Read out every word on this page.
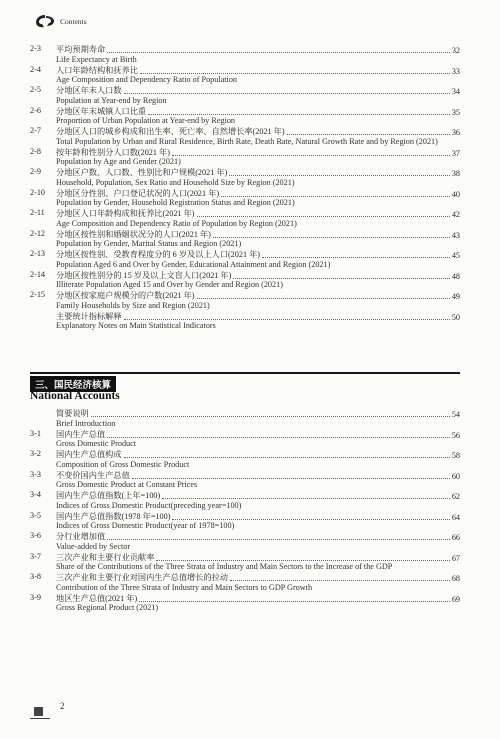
Contents
2-3	平均预期寿命	32
Life Expectancy at Birth
2-4	人口年龄结构和抚养比	33
Age Composition and Dependency Ratio of Population
2-5	分地区年末人口数	34
Population at Year-end by Region
2-6	分地区年末城镇人口比重	35
Proportion of Urban Population at Year-end by Region
2-7	分地区人口的城乡构成和出生率、死亡率、自然增长率(2021 年)	36
Total Population by Urban and Rural Residence, Birth Rate, Death Rate, Natural Growth Rate and by Region (2021)
2-8	按年龄和性别分人口数(2021 年)	37
Population by Age and Gender (2021)
2-9	分地区户数、人口数、性别比和户规模(2021 年)	38
Household, Population, Sex Ratio and Household Size by Region (2021)
2-10	分地区分性别、户口登记状况的人口(2021 年)	40
Population by Gender, Household Registration Status and Region (2021)
2-11	分地区人口年龄构成和抚养比(2021 年)	42
Age Composition and Dependency Ratio of Population by Region (2021)
2-12	分地区按性别和婚姻状况分的人口(2021 年)	43
Population by Gender, Marital Status and Region (2021)
2-13	分地区按性别、受教育程度分的 6 岁及以上人口(2021 年)	45
Population Aged 6 and Over by Gender, Educational Attainment and Region (2021)
2-14	分地区按性别分的 15 岁及以上文盲人口(2021 年)	48
Illiterate Population Aged 15 and Over by Gender and Region (2021)
2-15	分地区按家庭户规模分的户数(2021 年)	49
Family Households by Size and Region (2021)
主要统计指标解释	50
Explanatory Notes on Main Statistical Indicators
三、国民经济核算
National Accounts
简要说明	54
Brief Introduction
3-1	国内生产总值	56
Gross Domestic Product
3-2	国内生产总值构成	58
Composition of Gross Domestic Product
3-3	不变价国内生产总值	60
Gross Domestic Product at Constant Prices
3-4	国内生产总值指数(上年=100)	62
Indices of Gross Domestic Product(preceding year=100)
3-5	国内生产总值指数(1978 年=100)	64
Indices of Gross Domestic Product(year of 1978=100)
3-6	分行业增加值	66
Value-added by Sector
3-7	三次产业和主要行业贡献率	67
Share of the Contributions of the Three Strata of Industry and Main Sectors to the Increase of the GDP
3-8	三次产业和主要行业对国内生产总值增长的拉动	68
Contribution of the Three Strata of Industry and Main Sectors to GDP Growth
3-9	地区生产总值(2021 年)	69
Gross Regional Product (2021)
2
